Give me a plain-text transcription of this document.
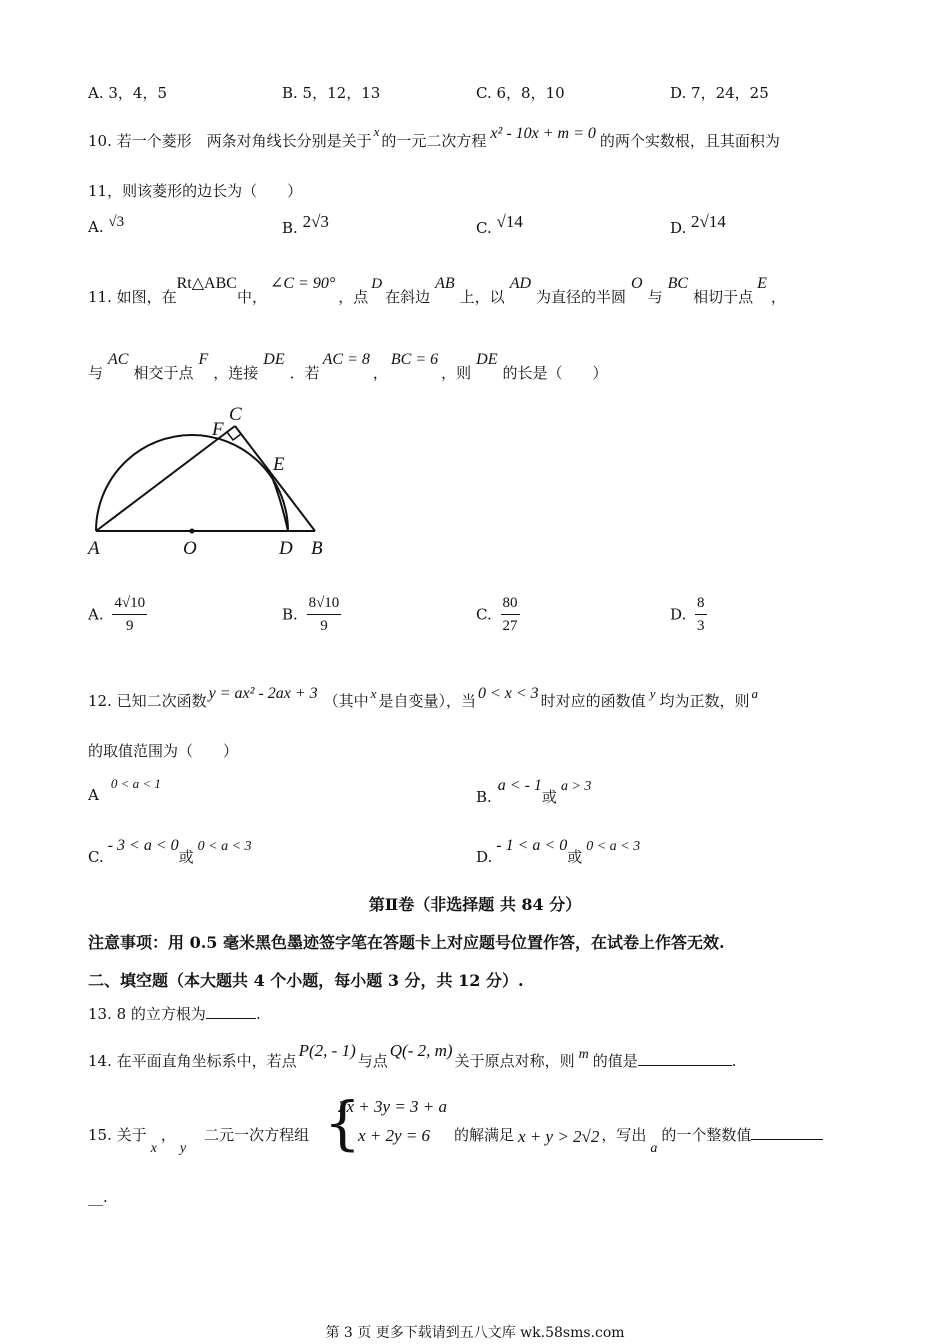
A. 3，4，5	B. 5，12，13	C. 6，8，10	D. 7，24，25
10. 若一个菱形　两条对角线长分别是关于x的一元二次方程 x² - 10x + m = 0 的两个实数根，且其面积为
11，则该菱形的边长为（　　）
A. √3	B. 2√3	C. √14	D. 2√14
11. 如图，在Rt△ABC中，∠C = 90°，点D在斜边AB上，以AD为直径的半圆O与BC相切于点E，
与AC相交于点F，连接DE．若AC = 8，BC = 6，则DE的长是（　　）
A	O	D B
C
F
E
A. $\frac{4√10}{9}$	B. $\frac{8√10}{9}$	C. $\frac{80}{27}$	D. $\frac{8}{3}$
12. 已知二次函数 y = ax² - 2ax + 3 （其中 x 是自变量），当 0 < x < 3 时对应的函数值 y 均为正数，则 a
的取值范围为（　　）
A0 < a < 1
B.a < - 1或a > 3
C.- 3 < a < 0或0 < a < 3
D.- 1 < a < 0或0 < a < 3
第Ⅱ卷（非选择题 共 84 分）
注意事项：用 0.5 毫米黑色墨迹签字笔在答题卡上对应题号位置作答，在试卷上作答无效.
二、填空题（本大题共 4 个小题，每小题 3 分，共 12 分）.
13. 8 的立方根为	.
14. 在平面直角坐标系中，若点P(2, - 1)与点Q(- 2, m)关于原点对称，则 m 的值是	.
15. 关于x，y二元一次方程组 {
2x + 3y = 3 + a
x + 2y = 6 的解满足 x + y > 2√2 ，写出a的一个整数值
__.
第 3 页 更多下载请到五八文库 wk.58sms.com
